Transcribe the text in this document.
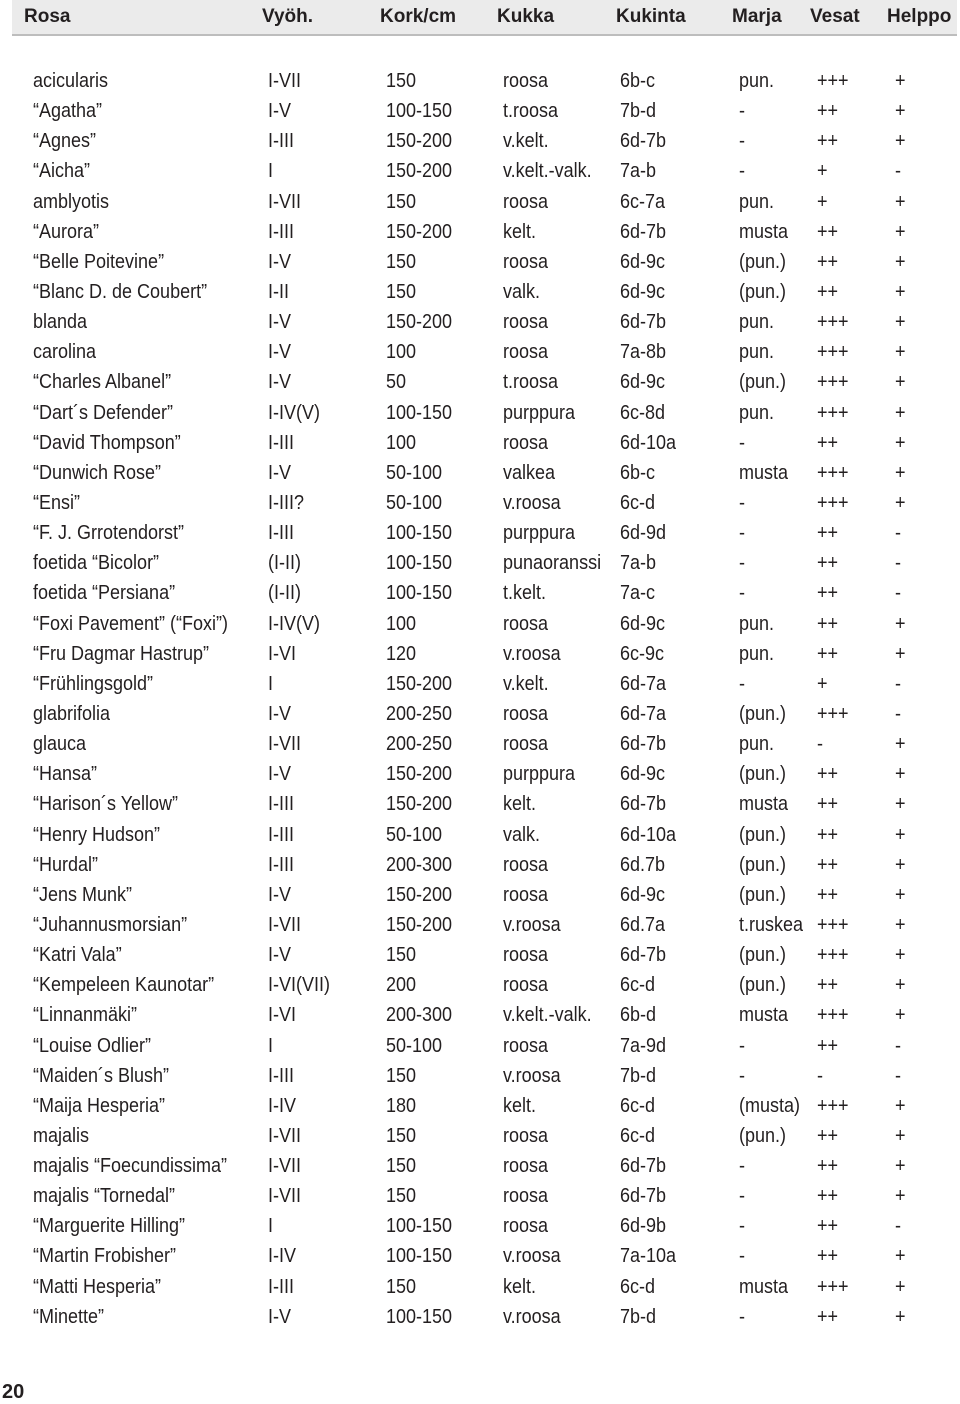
Rosa	Vyöh.	Kork/cm Kukka	Kukinta Marja Vesat Helppo
acicularis	I-VII	150	roosa	6b-c	pun. +++ +
“Agatha”	I-V	100-150	t.roosa	7b-d	-	++	+
“Agnes”	I-III	150-200	v.kelt.	6d-7b	-	++	+
“Aicha”	I	150-200	v.kelt.-valk. 7a-b	-	+	-
amblyotis	I-VII	150	roosa	6c-7a	pun. +	+
“Aurora”	I-III	150-200	kelt.	6d-7b	musta ++	+
“Belle Poitevine”	I-V	150	roosa	6d-9c	(pun.) ++	+
“Blanc D. de Coubert”	I-II	150	valk.	6d-9c	(pun.) ++	+
blanda	I-V	150-200	roosa	6d-7b	pun. +++ +
carolina	I-V	100	roosa	7a-8b	pun. +++ +
“Charles Albanel”	I-V	50	t.roosa	6d-9c	(pun.) +++ +
“Dart´s Defender”	I-IV(V)	100-150	purppura 6c-8d	pun. +++ +
“David Thompson”	I-III	100	roosa	6d-10a	-	++	+
“Dunwich Rose”	I-V	50-100	valkea	6b-c	musta +++ +
“Ensi”	I-III?	50-100	v.roosa	6c-d	-	+++ +
“F. J. Grrotendorst”	I-III	100-150	purppura 6d-9d	-	++	-
foetida “Bicolor”	(I-II)	100-150	punaoranssi 7a-b	-	++	-
foetida “Persiana”	(I-II)	100-150	t.kelt.	7a-c	-	++	-
“Foxi Pavement” (“Foxi”) I-IV(V)	100	roosa	6d-9c	pun. ++	+
“Fru Dagmar Hastrup”	I-VI	120	v.roosa	6c-9c	pun. ++	+
“Frühlingsgold”	I	150-200	v.kelt.	6d-7a	-	+	-
glabrifolia	I-V	200-250	roosa	6d-7a	(pun.) +++ -
glauca	I-VII	200-250	roosa	6d-7b	pun. -	+
“Hansa”	I-V	150-200	purppura 6d-9c	(pun.) ++	+
“Harison´s Yellow”	I-III	150-200	kelt.	6d-7b	musta ++	+
“Henry Hudson”	I-III	50-100	valk.	6d-10a	(pun.) ++	+
“Hurdal”	I-III	200-300	roosa	6d.7b	(pun.) ++	+
“Jens Munk”	I-V	150-200	roosa	6d-9c	(pun.) ++	+
“Juhannusmorsian”	I-VII	150-200	v.roosa	6d.7a	t.ruskea +++ +
“Katri Vala”	I-V	150	roosa	6d-7b	(pun.) +++ +
“Kempeleen Kaunotar”	I-VI(VII)	200	roosa	6c-d	(pun.) ++	+
“Linnanmäki”	I-VI	200-300	v.kelt.-valk. 6b-d	musta +++ +
“Louise Odlier”	I	50-100	roosa	7a-9d	-	++	-
“Maiden´s Blush”	I-III	150	v.roosa	7b-d	-	-	-
“Maija Hesperia”	I-IV	180	kelt.	6c-d	(musta) +++ +
majalis	I-VII	150	roosa	6c-d	(pun.) ++	+
majalis “Foecundissima” I-VII	150	roosa	6d-7b	-	++	+
majalis “Tornedal”	I-VII	150	roosa	6d-7b	-	++	+
“Marguerite Hilling”	I	100-150	roosa	6d-9b	-	++	-
“Martin Frobisher”	I-IV	100-150	v.roosa	7a-10a	-	++	+
“Matti Hesperia”	I-III	150	kelt.	6c-d	musta +++ +
“Minette”	I-V	100-150	v.roosa	7b-d	-	++	+
20
